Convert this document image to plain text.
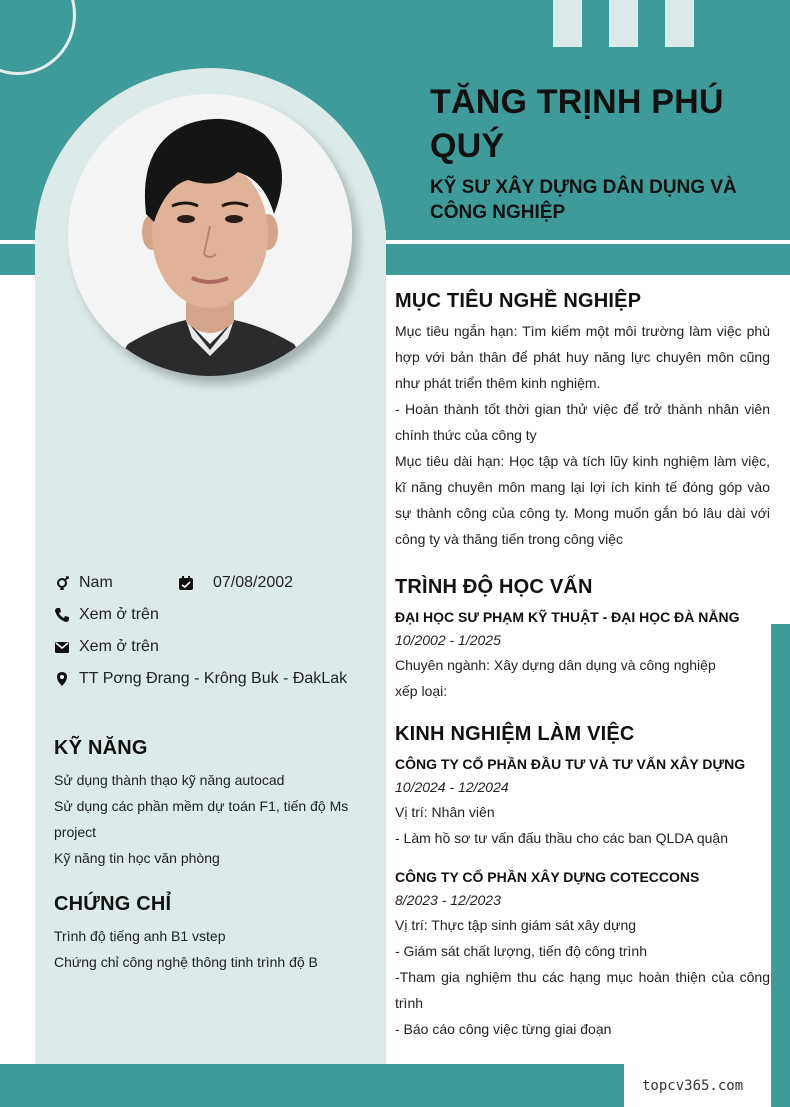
topcv365.com
TĂNG TRỊNH PHÚ QUÝ
KỸ SƯ XÂY DỰNG DÂN DỤNG VÀ CÔNG NGHIỆP
Nam	07/08/2002
Xem ở trên
Xem ở trên
TT Pơng Đrang - Krông Buk - ĐakLak
KỸ NĂNG
Sử dụng thành thạo kỹ năng autocad
Sử dụng các phần mềm dự toán F1, tiến độ Ms project
Kỹ năng tin học văn phòng
CHỨNG CHỈ
Trình độ tiếng anh B1 vstep
Chứng chỉ công nghệ thông tinh trình độ B
MỤC TIÊU NGHỀ NGHIỆP
Mục tiêu ngắn hạn: Tìm kiếm một môi trường làm việc phù hợp với bản thân để phát huy năng lực chuyên môn cũng như phát triển thêm kinh nghiệm.
- Hoàn thành tốt thời gian thử việc để trở thành nhân viên chính thức của công ty
Mục tiêu dài hạn: Học tập và tích lũy kinh nghiệm làm việc, kĩ năng chuyên môn mang lại lợi ích kinh tế đóng góp vào sự thành công của công ty. Mong muốn gắn bó lâu dài với công ty và thăng tiến trong công việc
TRÌNH ĐỘ HỌC VẤN
ĐẠI HỌC SƯ PHẠM KỸ THUẬT - ĐẠI HỌC ĐÀ NẴNG
10/2002 - 1/2025
Chuyên ngành: Xây dựng dân dụng và công nghiệp
xếp loại:
KINH NGHIỆM LÀM VIỆC
CÔNG TY CỔ PHẦN ĐẦU TƯ VÀ TƯ VẤN XÂY DỰNG
10/2024 - 12/2024
Vị trí: Nhân viên
- Làm hồ sơ tư vấn đấu thầu cho các ban QLDA quận
CÔNG TY CỔ PHẦN XÂY DỰNG COTECCONS
8/2023 - 12/2023
Vị trí: Thực tập sinh giám sát xây dựng
- Giám sát chất lượng, tiến độ công trình
-Tham gia nghiệm thu các hạng mục hoàn thiện của công trình
- Báo cáo công việc từng giai đoạn
